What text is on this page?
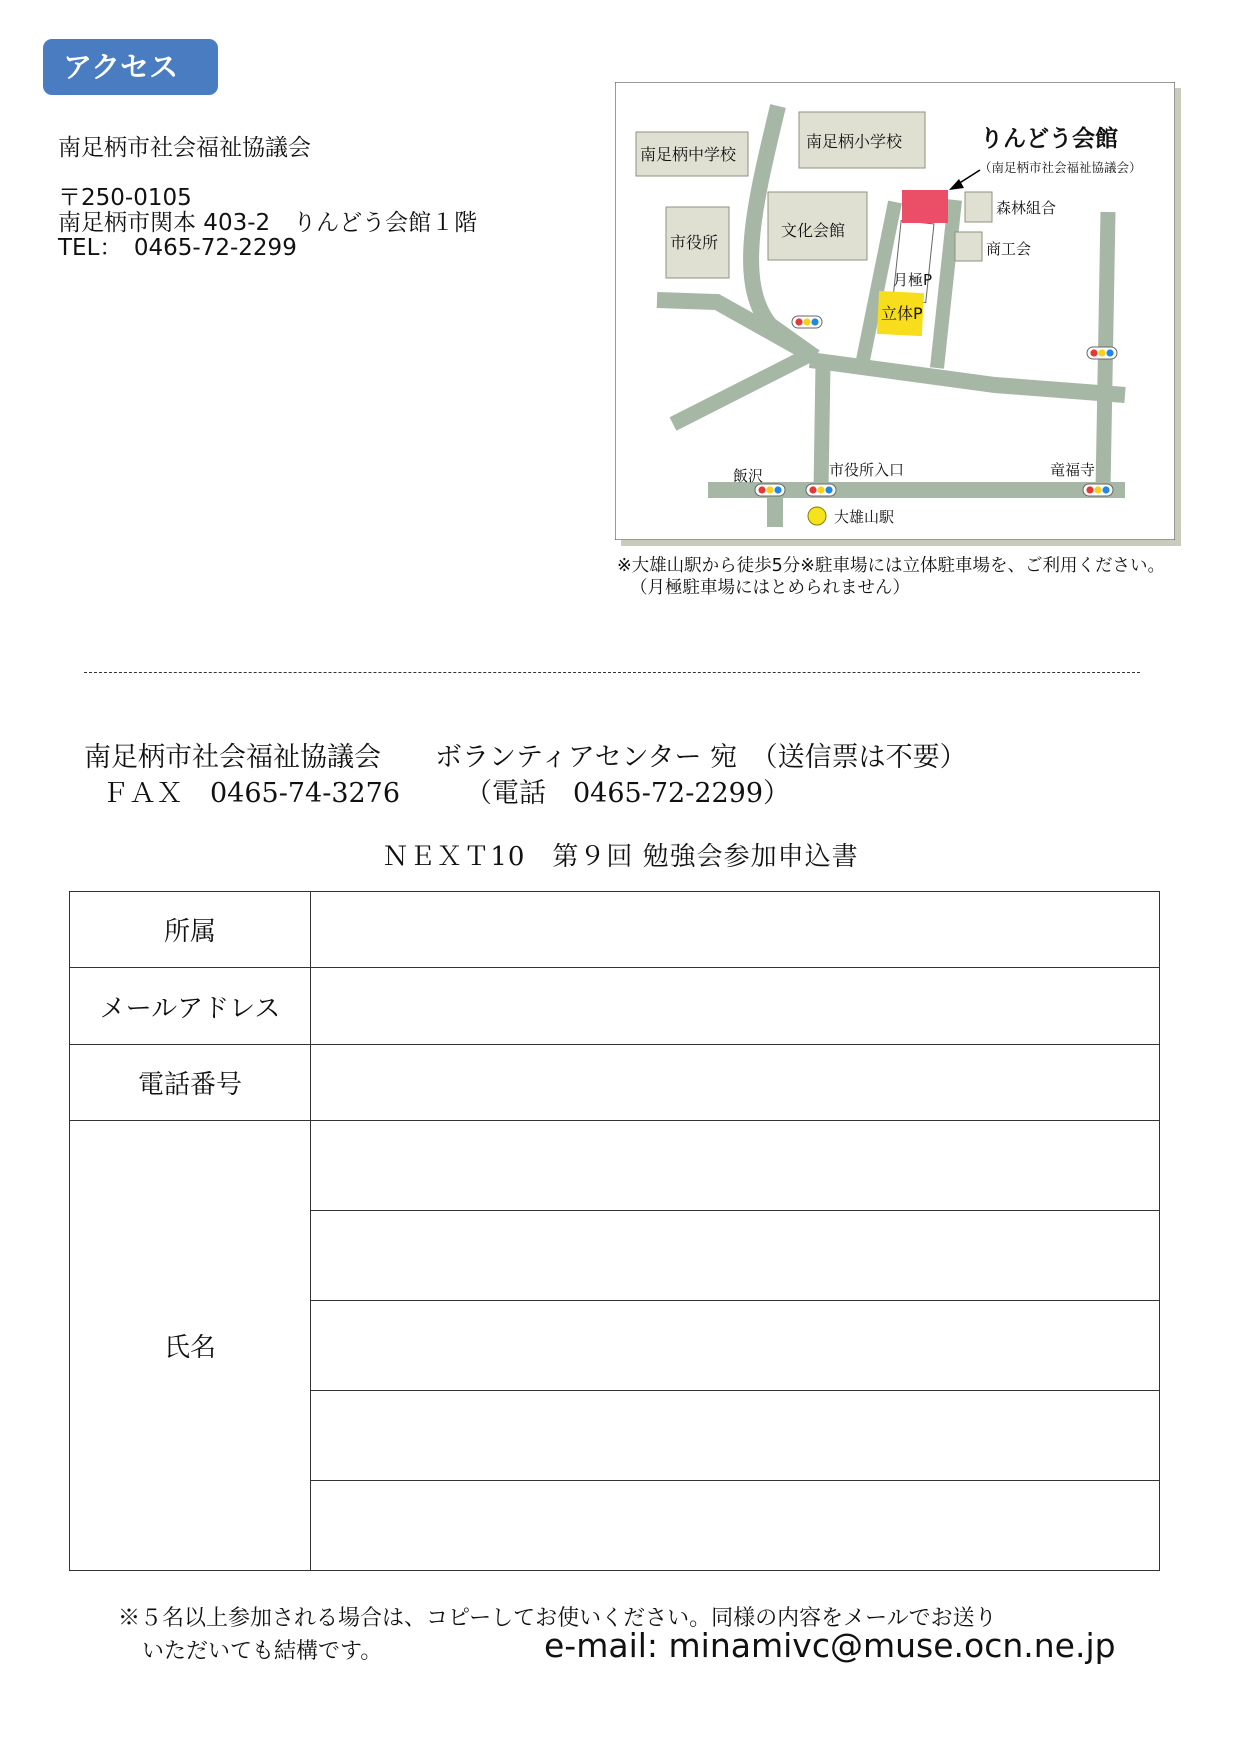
アクセス
南足柄市社会福祉協議会
〒250-0105
南足柄市関本 403-2　りんどう会館１階
TEL：　0465-72-2299
南足柄中学校
南足柄小学校
市役所
文化会館
森林組合
商工会
月極P
立体P
りんどう会館
（南足柄市社会福祉協議会）
飯沢	市役所入口	竜福寺
大雄山駅
※大雄山駅から徒歩5分※駐車場には立体駐車場を、ご利用ください。
（月極駐車場にはとめられません）
南足柄市社会福祉協議会　　ボランティアセンター 宛　（送信票は不要）
ＦＡＸ　0465-74-3276 （電話　0465-72-2299）
ＮＥＸＴ10　第９回 勉強会参加申込書
所属	
メールアドレス	
電話番号	
氏名	

※５名以上参加される場合は、コピーしてお使いください。同様の内容をメールでお送り
いただいても結構です。	e-mail: minamivc@muse.ocn.ne.jp
